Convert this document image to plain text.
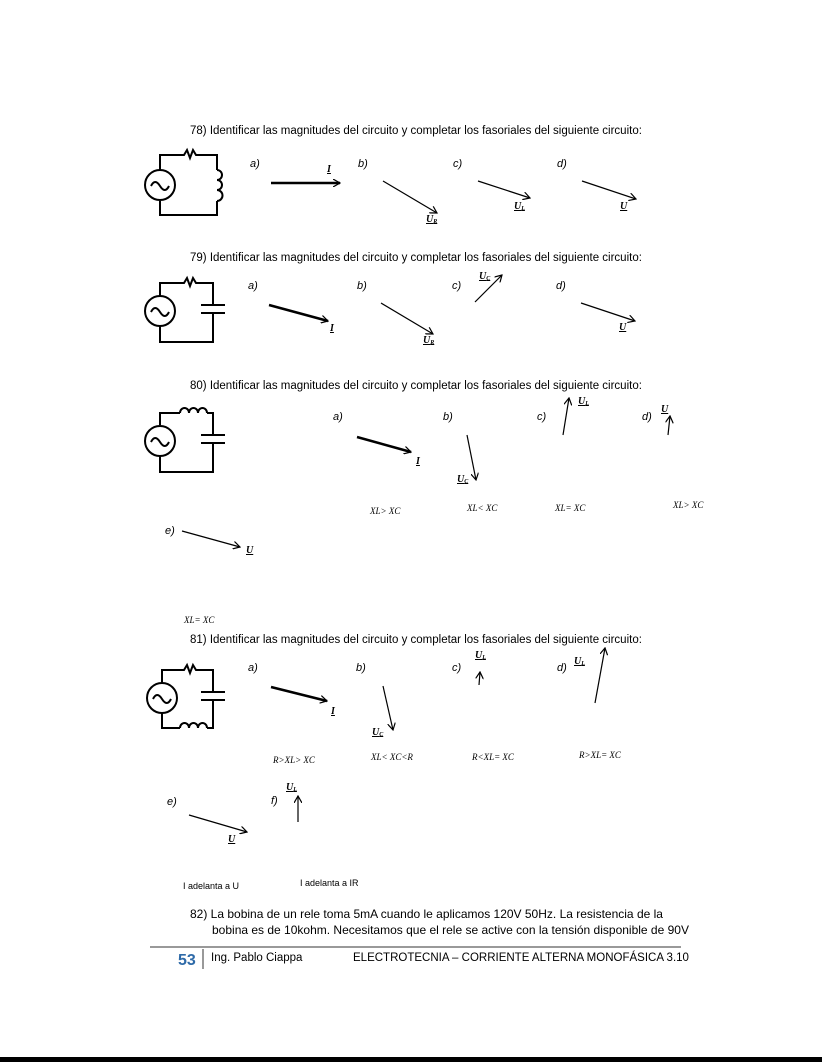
78) Identificar las magnitudes del circuito y completar los fasoriales del siguiente circuito:
a)	b)	c)	d)
I
$U_R$
$U_L$	U
79) Identificar las magnitudes del circuito y completar los fasoriales del siguiente circuito:
a)	b)	c)	d)
I
$U_R$
$U_C$
U
80) Identificar las magnitudes del circuito y completar los fasoriales del siguiente circuito:
a)	b)	c)	d)
e)
I
$U_C$
$U_L$	U
U
XL> XC	XL< XC	XL= XC	XL> XC
XL= XC
81) Identificar las magnitudes del circuito y completar los fasoriales del siguiente circuito:
a)	b)	c)	d)
e)	f)
I
$U_C$
$U_L$	$U_L$
U
$U_L$
R>XL> XC	XL< XC<R	R<XL= XC	R>XL= XC
I adelanta a U	I adelanta a IR
82) La bobina de un rele toma 5mA cuando le aplicamos 120V 50Hz. La resistencia de la
bobina es de 10kohm. Necesitamos que el rele se active con la tensión disponible de 90V
53 Ing. Pablo Ciappa	ELECTROTECNIA – CORRIENTE ALTERNA MONOFÁSICA 3.10
